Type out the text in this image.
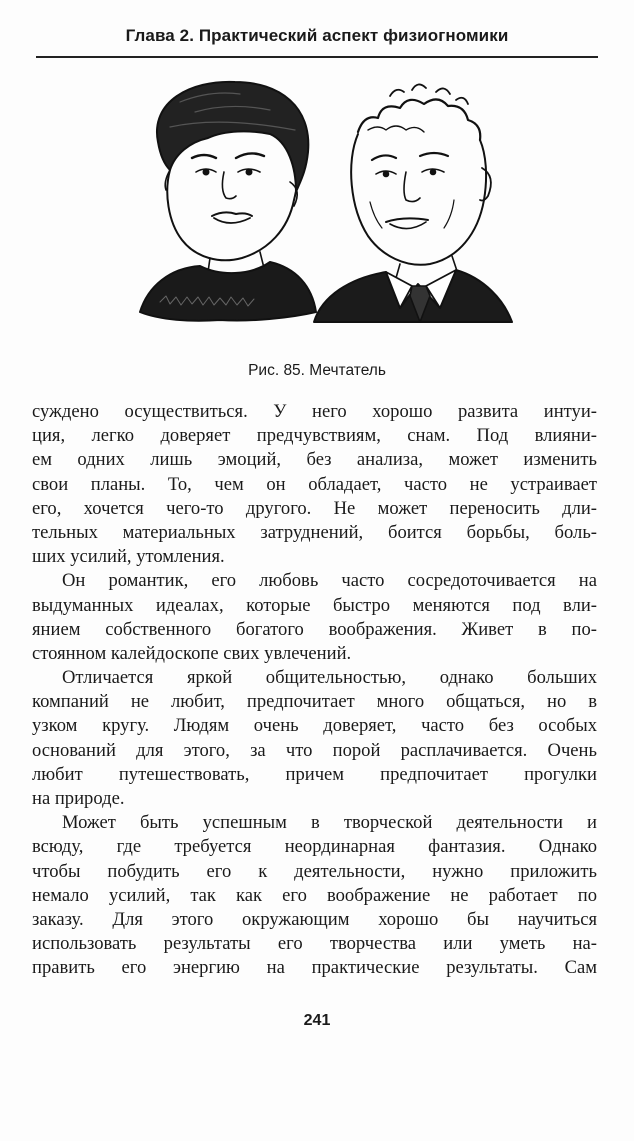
Глава 2. Практический аспект физиогномики
Рис. 85. Мечтатель
суждено осуществиться. У него хорошо развита интуи-
ция, легко доверяет предчувствиям, снам. Под влияни-
ем одних лишь эмоций, без анализа, может изменить
свои планы. То, чем он обладает, часто не устраивает
его, хочется чего-то другого. Не может переносить дли-
тельных материальных затруднений, боится борьбы, боль-
ших усилий, утомления.
Он романтик, его любовь часто сосредоточивается на
выдуманных идеалах, которые быстро меняются под вли-
янием собственного богатого воображения. Живет в по-
стоянном калейдоскопе свих увлечений.
Отличается яркой общительностью, однако больших
компаний не любит, предпочитает много общаться, но в
узком кругу. Людям очень доверяет, часто без особых
оснований для этого, за что порой расплачивается. Очень
любит путешествовать, причем предпочитает прогулки
на природе.
Может быть успешным в творческой деятельности и
всюду, где требуется неординарная фантазия. Однако
чтобы побудить его к деятельности, нужно приложить
немало усилий, так как его воображение не работает по
заказу. Для этого окружающим хорошо бы научиться
использовать результаты его творчества или уметь на-
править его энергию на практические результаты. Сам
241
